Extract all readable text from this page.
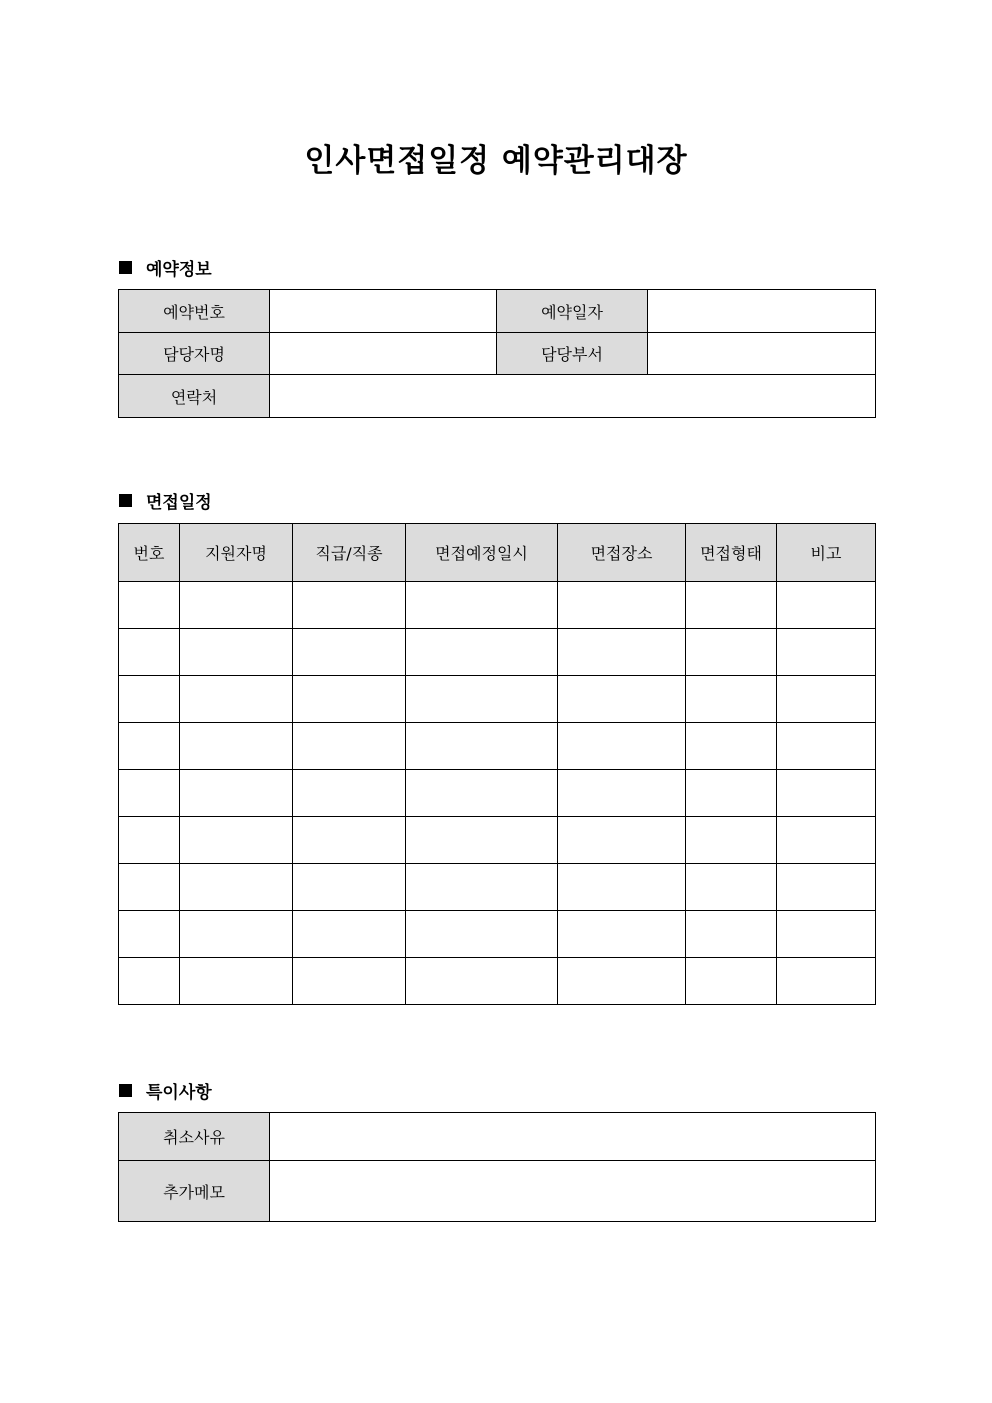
인사면접일정 예약관리대장
예약정보
예약번호		예약일자	
담당자명		담당부서	
연락처			
면접일정
번호	지원자명	직급/직종	면접예정일시	면접장소	면접형태	비고

특이사항
취소사유	
추가메모	
